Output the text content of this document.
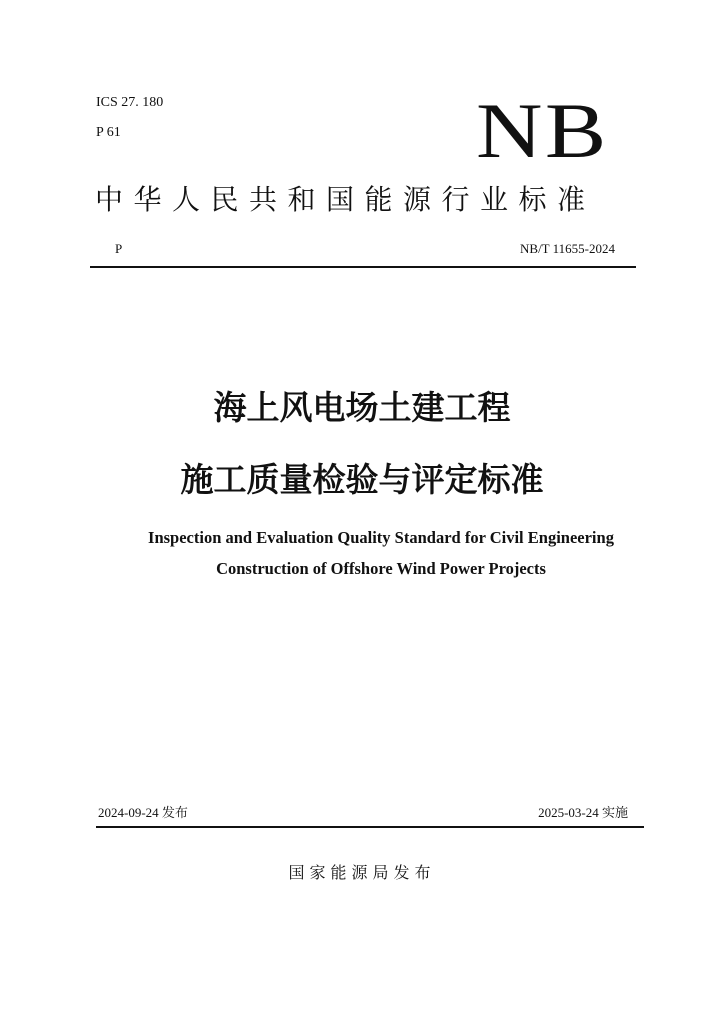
ICS 27. 180
P 61	NB
中华人民共和国能源行业标准
P	NB/T 11655-2024
海上风电场土建工程
施工质量检验与评定标准
Inspection and Evaluation Quality Standard for Civil Engineering
Construction of Offshore Wind Power Projects
2024-09-24 发布	2025-03-24 实施
国家能源局发布
